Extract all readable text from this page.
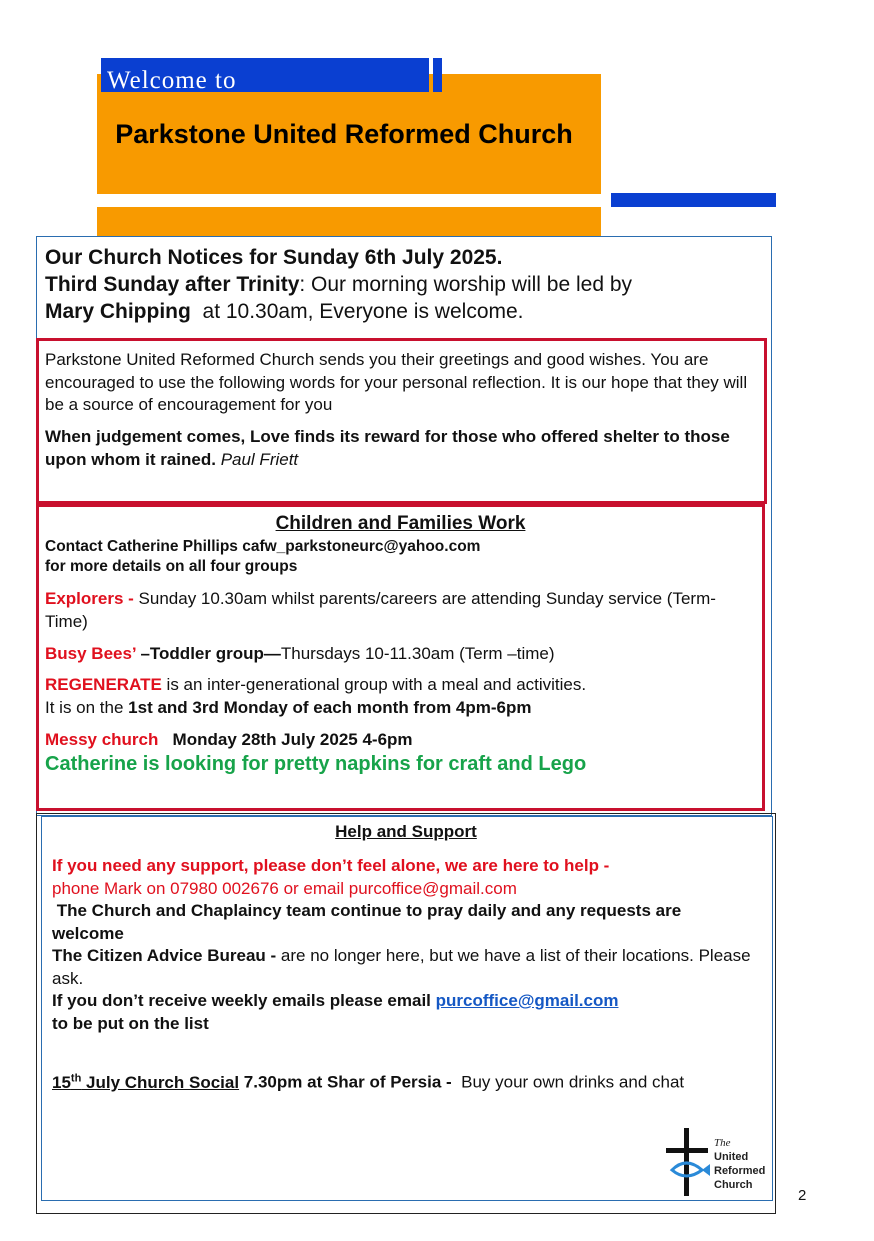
Parkstone United Reformed Church
Welcome to
Our Church Notices for Sunday 6th July 2025.
Third Sunday after Trinity: Our morning worship will be led by
Mary Chipping  at 10.30am, Everyone is welcome.
Parkstone United Reformed Church sends you their greetings and good wishes. You are encouraged to use the following words for your personal reflection. It is our hope that they will be a source of encouragement for you
When judgement comes, Love finds its reward for those who offered shelter to those upon whom it rained. Paul Friett
Children and Families Work
Contact Catherine Phillips cafw_parkstoneurc@yahoo.com
for more details on all four groups
Explorers - Sunday 10.30am whilst parents/careers are attending Sunday service (Term-Time)
Busy Bees’ –Toddler group—Thursdays 10-11.30am (Term –time)
REGENERATE is an inter-generational group with a meal and activities.
It is on the 1st and 3rd Monday of each month from 4pm-6pm
Messy church   Monday 28th July 2025 4-6pm
Catherine is looking for pretty napkins for craft and Lego
Help and Support
If you need any support, please don’t feel alone, we are here to help -
phone Mark on 07980 002676 or email purcoffice@gmail.com
The Church and Chaplaincy team continue to pray daily and any requests are welcome
The Citizen Advice Bureau - are no longer here, but we have a list of their locations. Please ask.
If you don’t receive weekly emails please email purcoffice@gmail.com
to be put on the list
15th July Church Social 7.30pm at Shar of Persia -  Buy your own drinks and chat
The
United
Reformed
Church
2
